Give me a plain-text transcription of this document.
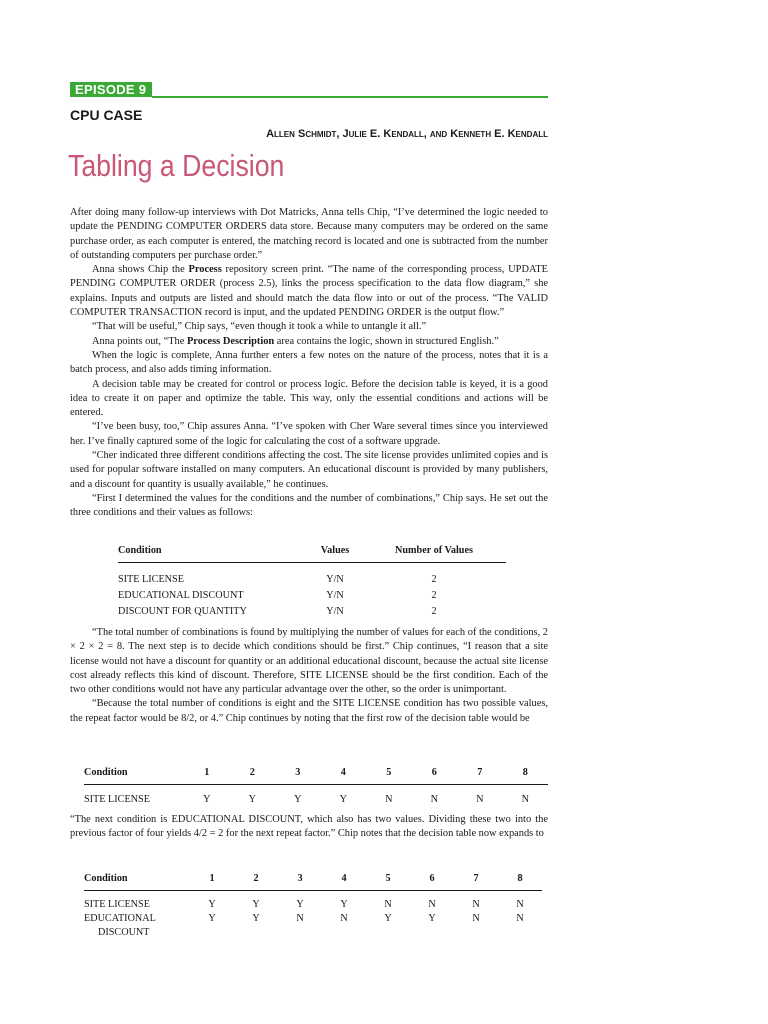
EPISODE 9
CPU CASE
Allen Schmidt, Julie E. Kendall, and Kenneth E. Kendall
Tabling a Decision

After doing many follow-up interviews with Dot Matricks, Anna tells Chip, “I’ve determined the logic needed to update the PENDING COMPUTER ORDERS data store. Because many computers may be ordered on the same purchase order, as each computer is entered, the matching record is located and one is subtracted from the number of outstanding computers per purchase order.”

Anna shows Chip the Process repository screen print. “The name of the corresponding process, UPDATE PENDING COMPUTER ORDER (process 2.5), links the process specification to the data flow diagram,” she explains. Inputs and outputs are listed and should match the data flow into or out of the process. “The VALID COMPUTER TRANSACTION record is input, and the updated PENDING ORDER is the output flow.”

“That will be useful,” Chip says, “even though it took a while to untangle it all.”

Anna points out, “The Process Description area contains the logic, shown in structured English.”

When the logic is complete, Anna further enters a few notes on the nature of the process, notes that it is a batch process, and also adds timing information.

A decision table may be created for control or process logic. Before the decision table is keyed, it is a good idea to create it on paper and optimize the table. This way, only the essential conditions and actions will be entered.

“I’ve been busy, too,” Chip assures Anna. “I’ve spoken with Cher Ware several times since you interviewed her. I’ve finally captured some of the logic for calculating the cost of a software upgrade.

“Cher indicated three different conditions affecting the cost. The site license provides unlimited copies and is used for popular software installed on many computers. An educational discount is provided by many publishers, and a discount for quantity is usually available,” he continues.

“First I determined the values for the conditions and the number of combinations,” Chip says. He set out the three conditions and their values as follows:

Condition	Values	Number of Values

SITE LICENSE	Y/N	2
EDUCATIONAL DISCOUNT	Y/N	2
DISCOUNT FOR QUANTITY	Y/N	2

“The total number of combinations is found by multiplying the number of values for each of the conditions, 2 × 2 × 2 = 8. The next step is to decide which conditions should be first.” Chip continues, “I reason that a site license would not have a discount for quantity or an additional educational discount, because the actual site license cost already reflects this kind of discount. Therefore, SITE LICENSE should be the first condition. Each of the two other conditions would not have any particular advantage over the other, so the order is unimportant.

“Because the total number of conditions is eight and the SITE LICENSE condition has two possible values, the repeat factor would be 8/2, or 4.” Chip continues by noting that the first row of the decision table would be

Condition	1	2	3	4	5	6	7	8

SITE LICENSE	Y	Y	Y	Y	N	N	N	N

“The next condition is EDUCATIONAL DISCOUNT, which also has two values. Dividing these two into the previous factor of four yields 4/2 = 2 for the next repeat factor.” Chip notes that the decision table now expands to

Condition	1	2	3	4	5	6	7	8

SITE LICENSE	Y	Y	Y	Y	N	N	N	N
EDUCATIONAL	Y	Y	N	N	Y	Y	N	N
DISCOUNT								
